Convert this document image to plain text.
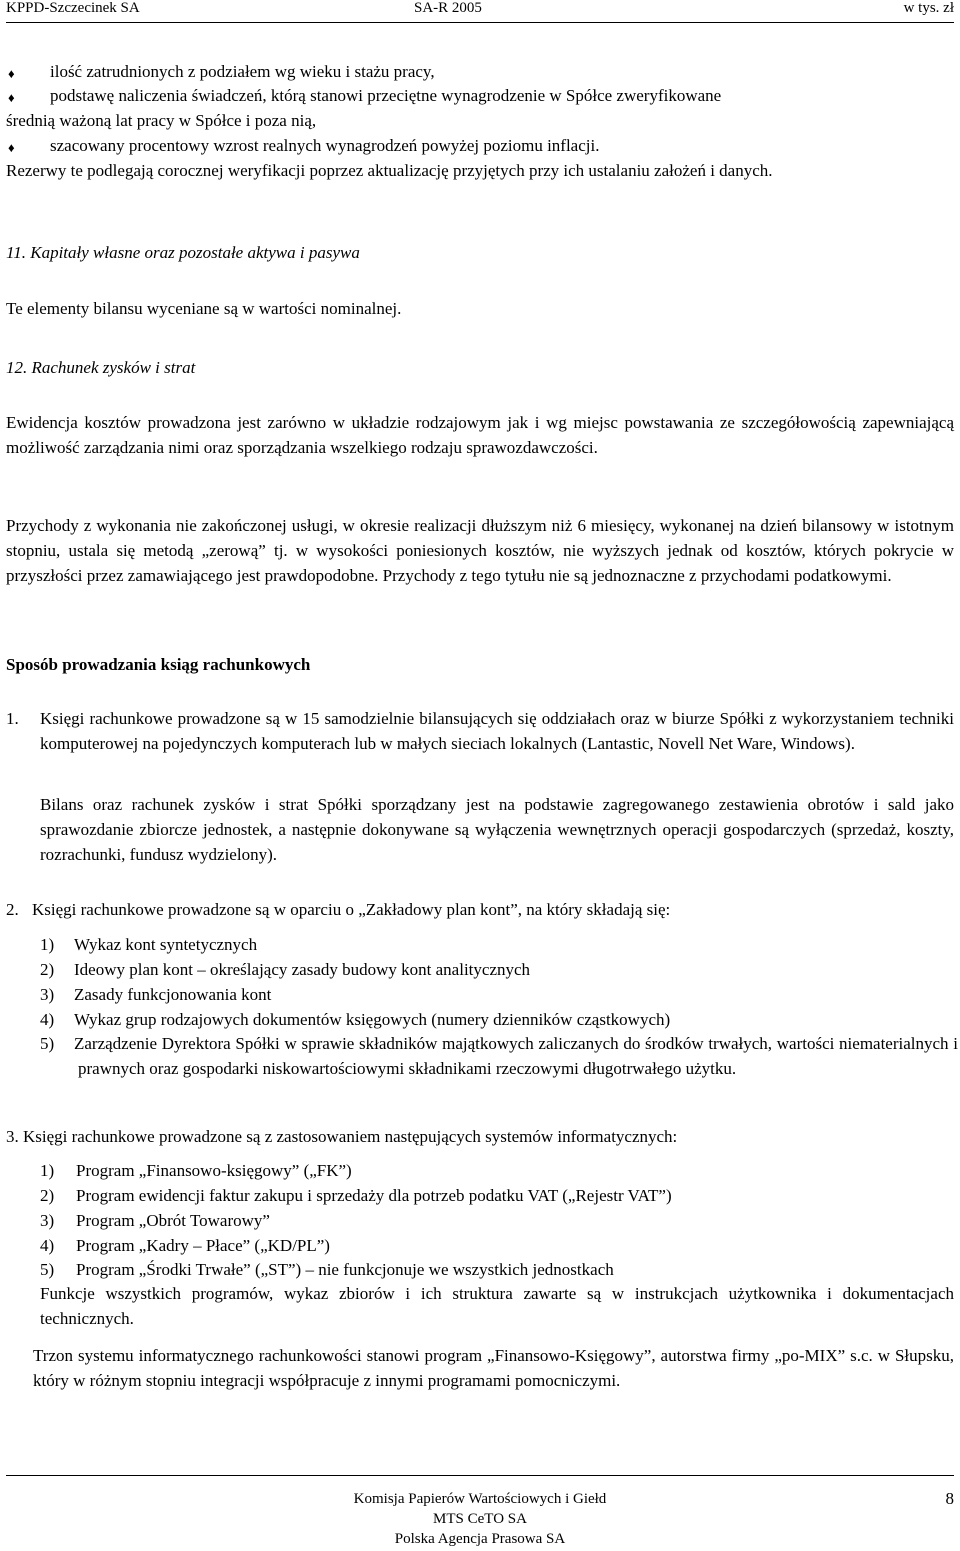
KPPD-Szczecinek SA	SA-R 2005	w tys. zł
♦ ilość zatrudnionych z podziałem wg wieku i stażu pracy,

♦ podstawę naliczenia świadczeń, którą stanowi przeciętne wynagrodzenie w Spółce zweryfikowane

średnią ważoną lat pracy w Spółce i poza nią,

♦ szacowany procentowy wzrost realnych wynagrodzeń powyżej poziomu inflacji.

Rezerwy te podlegają corocznej weryfikacji poprzez aktualizację przyjętych przy ich ustalaniu założeń i danych.

11. Kapitały własne oraz pozostałe aktywa i pasywa

Te elementy bilansu wyceniane są w wartości nominalnej.

12. Rachunek zysków i strat

Ewidencja kosztów prowadzona jest zarówno w układzie rodzajowym jak i wg miejsc powstawania ze szczegółowością zapewniającą możliwość zarządzania nimi oraz sporządzania wszelkiego rodzaju sprawozdawczości.

Przychody z wykonania nie zakończonej usługi, w okresie realizacji dłuższym niż 6 miesięcy, wykonanej na dzień bilansowy w istotnym stopniu, ustala się metodą „zerową” tj. w wysokości poniesionych kosztów, nie wyższych jednak od kosztów, których pokrycie w przyszłości przez zamawiającego jest prawdopodobne. Przychody z tego tytułu nie są jednoznaczne z przychodami podatkowymi.

Sposób prowadzania ksiąg rachunkowych

1. Księgi rachunkowe prowadzone są w 15 samodzielnie bilansujących się oddziałach oraz w biurze Spółki z wykorzystaniem techniki komputerowej na pojedynczych komputerach lub w małych sieciach lokalnych (Lantastic, Novell Net Ware, Windows).

Bilans oraz rachunek zysków i strat Spółki sporządzany jest na podstawie zagregowanego zestawienia obrotów i sald jako sprawozdanie zbiorcze jednostek, a następnie dokonywane są wyłączenia wewnętrznych operacji gospodarczych (sprzedaż, koszty, rozrachunki, fundusz wydzielony).

2. Księgi rachunkowe prowadzone są w oparciu o „Zakładowy plan kont”, na który składają się:

1) Wykaz kont syntetycznych

2) Ideowy plan kont – określający zasady budowy kont analitycznych

3) Zasady funkcjonowania kont

4) Wykaz grup rodzajowych dokumentów księgowych (numery dzienników cząstkowych)

5) Zarządzenie Dyrektora Spółki w sprawie składników majątkowych zaliczanych do środków trwałych, wartości niematerialnych i prawnych oraz gospodarki niskowartościowymi składnikami rzeczowymi długotrwałego użytku.

3. Księgi rachunkowe prowadzone są z zastosowaniem następujących systemów informatycznych:

1) Program „Finansowo-księgowy” („FK”)

2) Program ewidencji faktur zakupu i sprzedaży dla potrzeb podatku VAT („Rejestr VAT”)

3) Program „Obrót Towarowy”

4) Program „Kadry – Płace” („KD/PL”)

5) Program „Środki Trwałe” („ST”) – nie funkcjonuje we wszystkich jednostkach

Funkcje wszystkich programów, wykaz zbiorów i ich struktura zawarte są w instrukcjach użytkownika i dokumentacjach technicznych.

Trzon systemu informatycznego rachunkowości stanowi program „Finansowo-Księgowy”, autorstwa firmy „po-MIX” s.c. w Słupsku, który w różnym stopniu integracji współpracuje z innymi programami pomocniczymi.

Komisja Papierów Wartościowych i Giełd
MTS CeTO SA
Polska Agencja Prasowa SA
8
